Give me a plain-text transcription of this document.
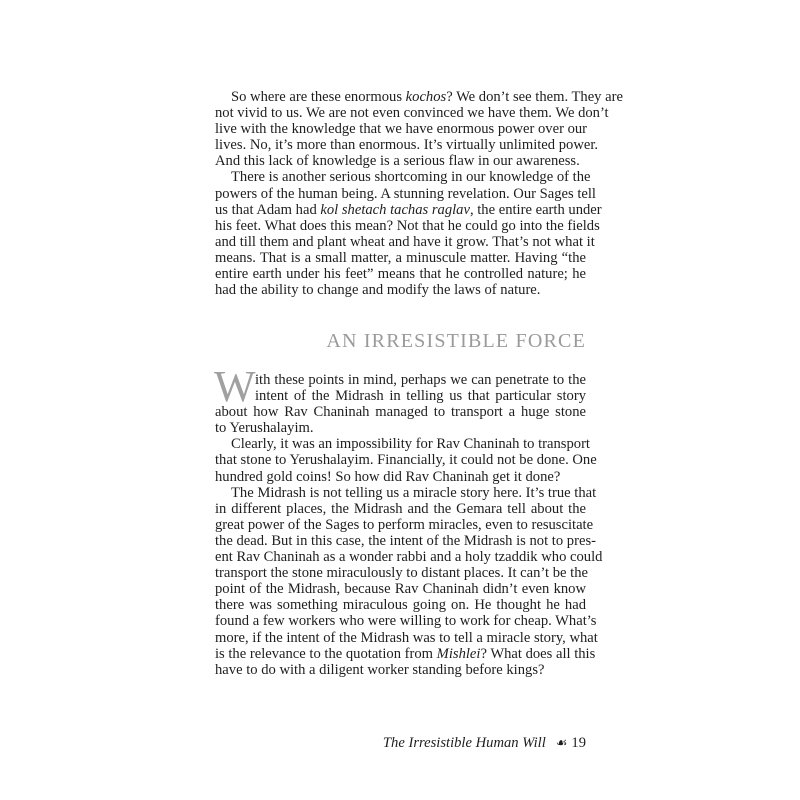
So where are these enormous kochos? We don’t see them. They are
not vivid to us. We are not even convinced we have them. We don’t
live with the knowledge that we have enormous power over our
lives. No, it’s more than enormous. It’s virtually unlimited power.
And this lack of knowledge is a serious flaw in our awareness.
There is another serious shortcoming in our knowledge of the
powers of the human being. A stunning revelation. Our Sages tell
us that Adam had kol shetach tachas raglav, the entire earth under
his feet. What does this mean? Not that he could go into the fields
and till them and plant wheat and have it grow. That’s not what it
means. That is a small matter, a minuscule matter. Having “the
entire earth under his feet” means that he controlled nature; he
had the ability to change and modify the laws of nature.
AN IRRESISTIBLE FORCE
W ith these points in mind, perhaps we can penetrate to the
intent of the Midrash in telling us that particular story
about how Rav Chaninah managed to transport a huge stone
to Yerushalayim.
Clearly, it was an impossibility for Rav Chaninah to transport
that stone to Yerushalayim. Financially, it could not be done. One
hundred gold coins! So how did Rav Chaninah get it done?
The Midrash is not telling us a miracle story here. It’s true that
in different places, the Midrash and the Gemara tell about the
great power of the Sages to perform miracles, even to resuscitate
the dead. But in this case, the intent of the Midrash is not to pres-
ent Rav Chaninah as a wonder rabbi and a holy tzaddik who could
transport the stone miraculously to distant places. It can’t be the
point of the Midrash, because Rav Chaninah didn’t even know
there was something miraculous going on. He thought he had
found a few workers who were willing to work for cheap. What’s
more, if the intent of the Midrash was to tell a miracle story, what
is the relevance to the quotation from Mishlei? What does all this
have to do with a diligent worker standing before kings?
The Irresistible Human Will ☙ 19
